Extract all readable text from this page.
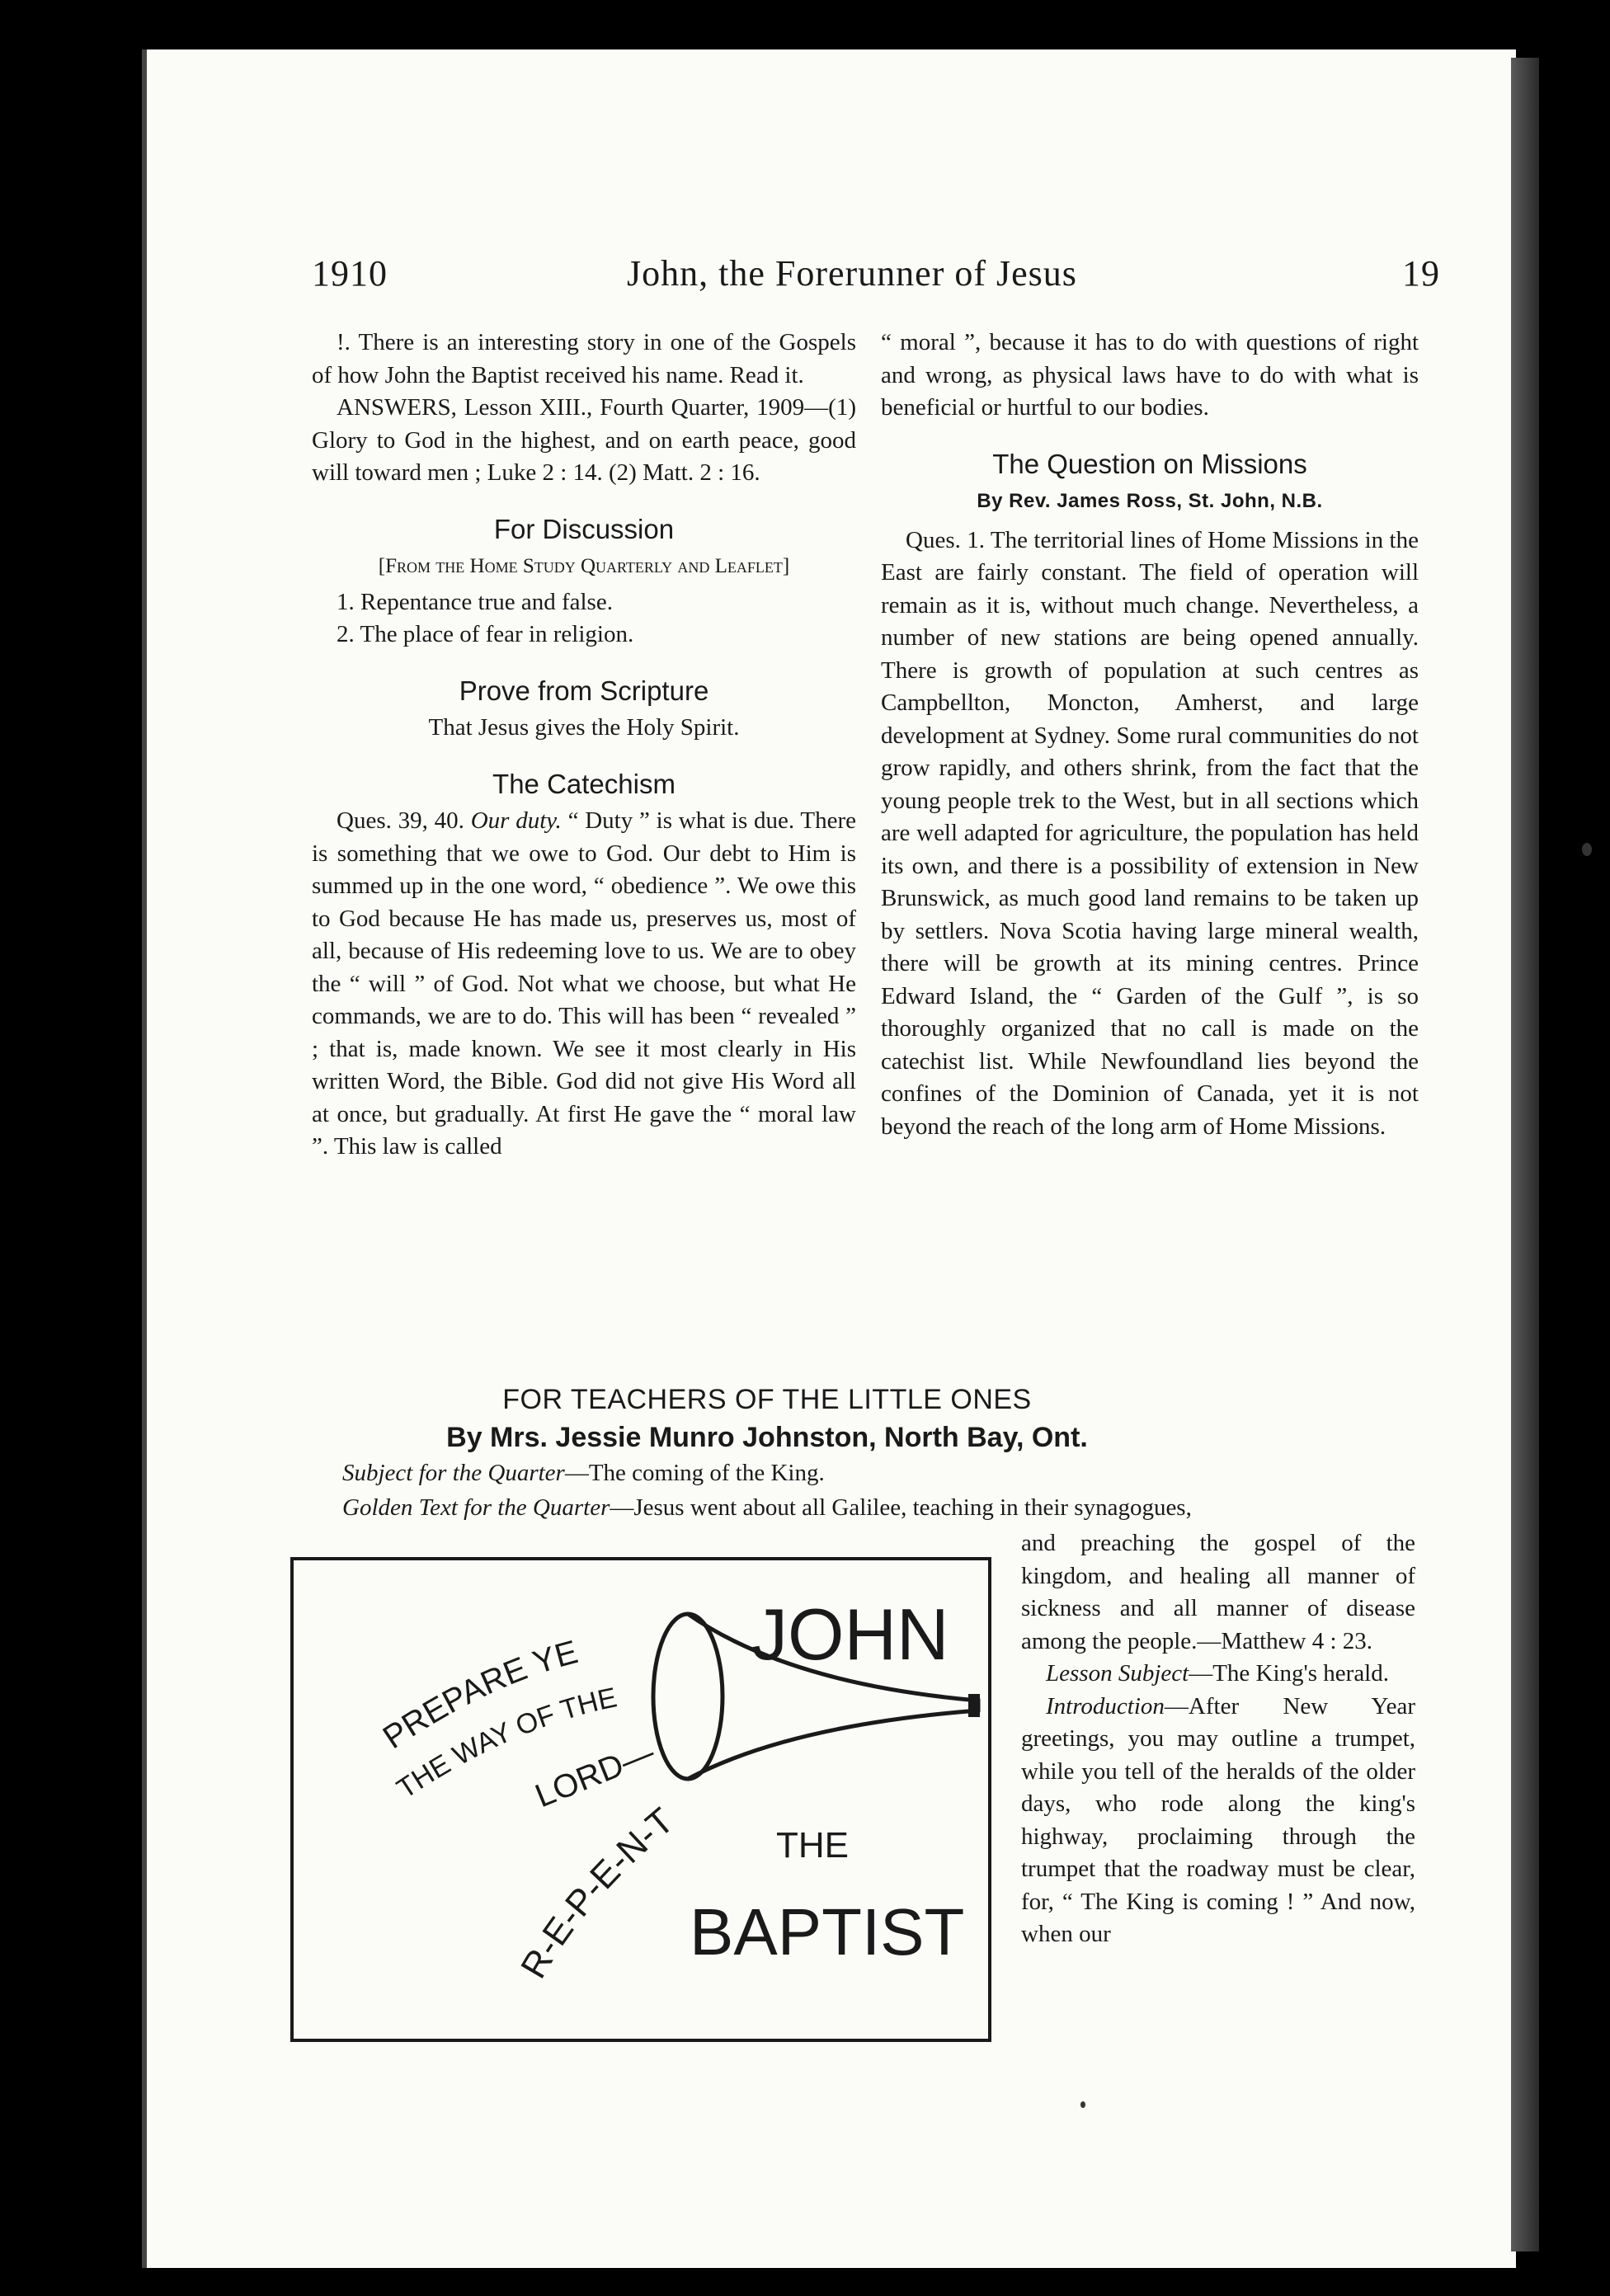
1910	John, the Forerunner of Jesus	19

!. There is an interesting story in one of the Gospels of how John the Baptist received his name. Read it.

ANSWERS, Lesson XIII., Fourth Quarter, 1909—(1) Glory to God in the highest, and on earth peace, good will toward men ; Luke 2 : 14. (2) Matt. 2 : 16.

For Discussion
[From the Home Study Quarterly and Leaflet]

1. Repentance true and false.

2. The place of fear in religion.

Prove from Scripture

That Jesus gives the Holy Spirit.

The Catechism

Ques. 39, 40. Our duty. “ Duty ” is what is due. There is something that we owe to God. Our debt to Him is summed up in the one word, “ obedience ”. We owe this to God because He has made us, preserves us, most of all, because of His redeeming love to us. We are to obey the “ will ” of God. Not what we choose, but what He commands, we are to do. This will has been “ revealed ” ; that is, made known. We see it most clearly in His written Word, the Bible. God did not give His Word all at once, but gradually. At first He gave the “ moral law ”. This law is called

“ moral ”, because it has to do with questions of right and wrong, as physical laws have to do with what is beneficial or hurtful to our bodies.

The Question on Missions
By Rev. James Ross, St. John, N.B.

Ques. 1. The territorial lines of Home Missions in the East are fairly constant. The field of operation will remain as it is, without much change. Nevertheless, a number of new stations are being opened annually. There is growth of population at such centres as Campbellton, Moncton, Amherst, and large development at Sydney. Some rural communities do not grow rapidly, and others shrink, from the fact that the young people trek to the West, but in all sections which are well adapted for agriculture, the population has held its own, and there is a possibility of extension in New Brunswick, as much good land remains to be taken up by settlers. Nova Scotia having large mineral wealth, there will be growth at its mining centres. Prince Edward Island, the “ Garden of the Gulf ”, is so thoroughly organized that no call is made on the catechist list. While Newfoundland lies beyond the confines of the Dominion of Canada, yet it is not beyond the reach of the long arm of Home Missions.

FOR TEACHERS OF THE LITTLE ONES
By Mrs. Jessie Munro Johnston, North Bay, Ont.
Subject for the Quarter—The coming of the King.
Golden Text for the Quarter—Jesus went about all Galilee, teaching in their synagogues,

and preaching the gospel of the kingdom, and healing all manner of sickness and all manner of disease among the people.—Matthew 4 : 23.

Lesson Subject—The King's herald.

Introduction—After New Year greetings, you may outline a trumpet, while you tell of the heralds of the older days, who rode along the king's highway, proclaiming through the trumpet that the roadway must be clear, for, “ The King is coming ! ” And now, when our

JOHN
THE
BAPTIST
PREPARE YE
THE WAY OF THE
LORD—
R-E-P-E-N-T
